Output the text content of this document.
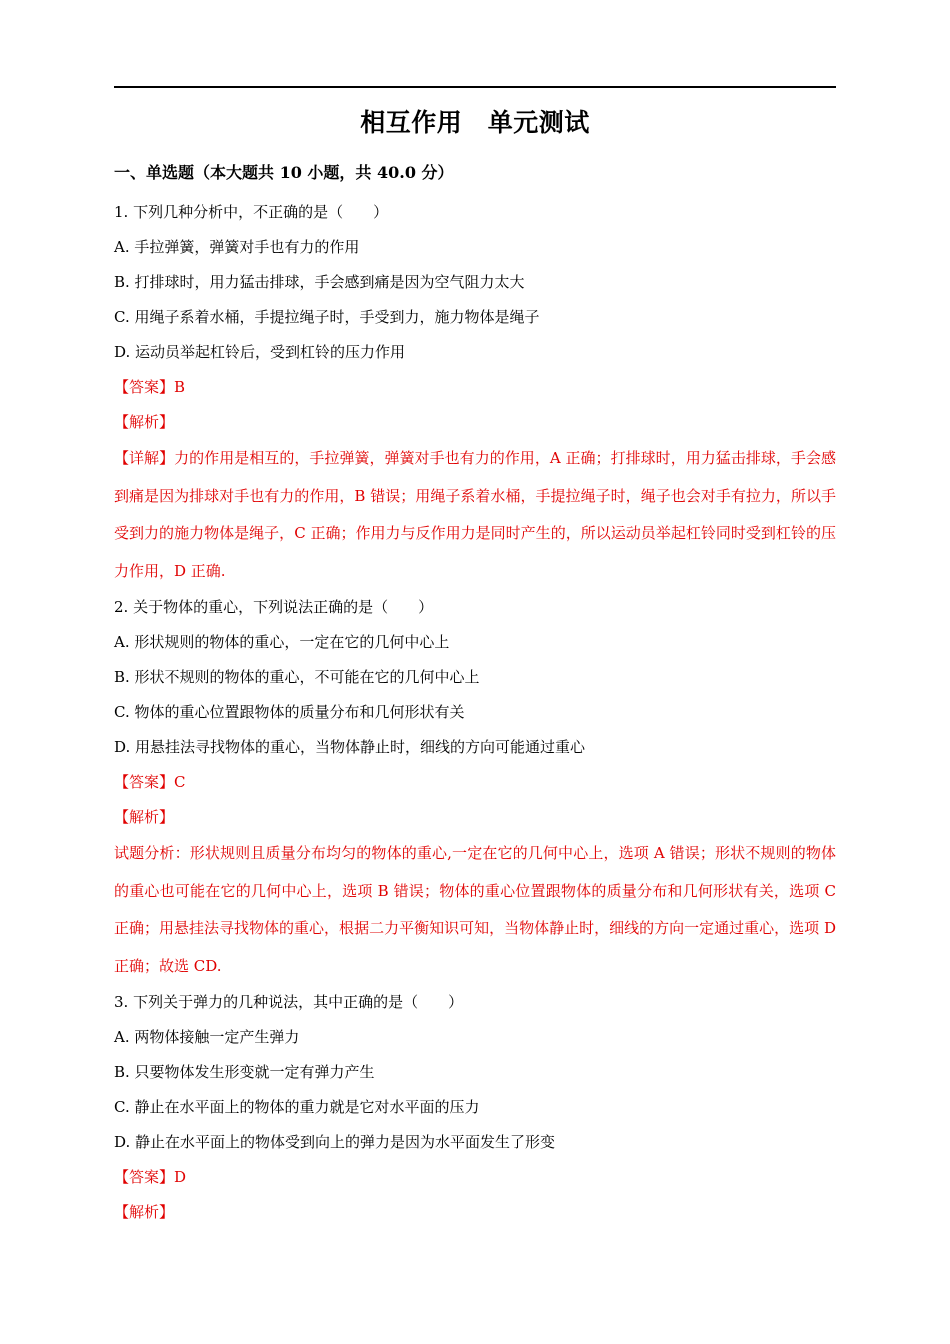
相互作用　单元测试
一、单选题（本大题共 10 小题，共 40.0 分）
1. 下列几种分析中，不正确的是（　　）
A. 手拉弹簧，弹簧对手也有力的作用
B. 打排球时，用力猛击排球，手会感到痛是因为空气阻力太大
C. 用绳子系着水桶，手提拉绳子时，手受到力，施力物体是绳子
D. 运动员举起杠铃后，受到杠铃的压力作用
【答案】B
【解析】
【详解】力的作用是相互的，手拉弹簧，弹簧对手也有力的作用，A 正确；打排球时，用力猛击排球，手会感到痛是因为排球对手也有力的作用，B 错误；用绳子系着水桶，手提拉绳子时，绳子也会对手有拉力，所以手受到力的施力物体是绳子，C 正确；作用力与反作用力是同时产生的，所以运动员举起杠铃同时受到杠铃的压力作用，D 正确.
2. 关于物体的重心，下列说法正确的是（　　）
A. 形状规则的物体的重心，一定在它的几何中心上
B. 形状不规则的物体的重心，不可能在它的几何中心上
C. 物体的重心位置跟物体的质量分布和几何形状有关
D. 用悬挂法寻找物体的重心，当物体静止时，细线的方向可能通过重心
【答案】C
【解析】
试题分析：形状规则且质量分布均匀的物体的重心,一定在它的几何中心上，选项 A 错误；形状不规则的物体的重心也可能在它的几何中心上，选项 B 错误；物体的重心位置跟物体的质量分布和几何形状有关，选项 C 正确；用悬挂法寻找物体的重心，根据二力平衡知识可知，当物体静止时，细线的方向一定通过重心，选项 D 正确；故选 CD.
3. 下列关于弹力的几种说法，其中正确的是（　　）
A. 两物体接触一定产生弹力
B. 只要物体发生形变就一定有弹力产生
C. 静止在水平面上的物体的重力就是它对水平面的压力
D. 静止在水平面上的物体受到向上的弹力是因为水平面发生了形变
【答案】D
【解析】
